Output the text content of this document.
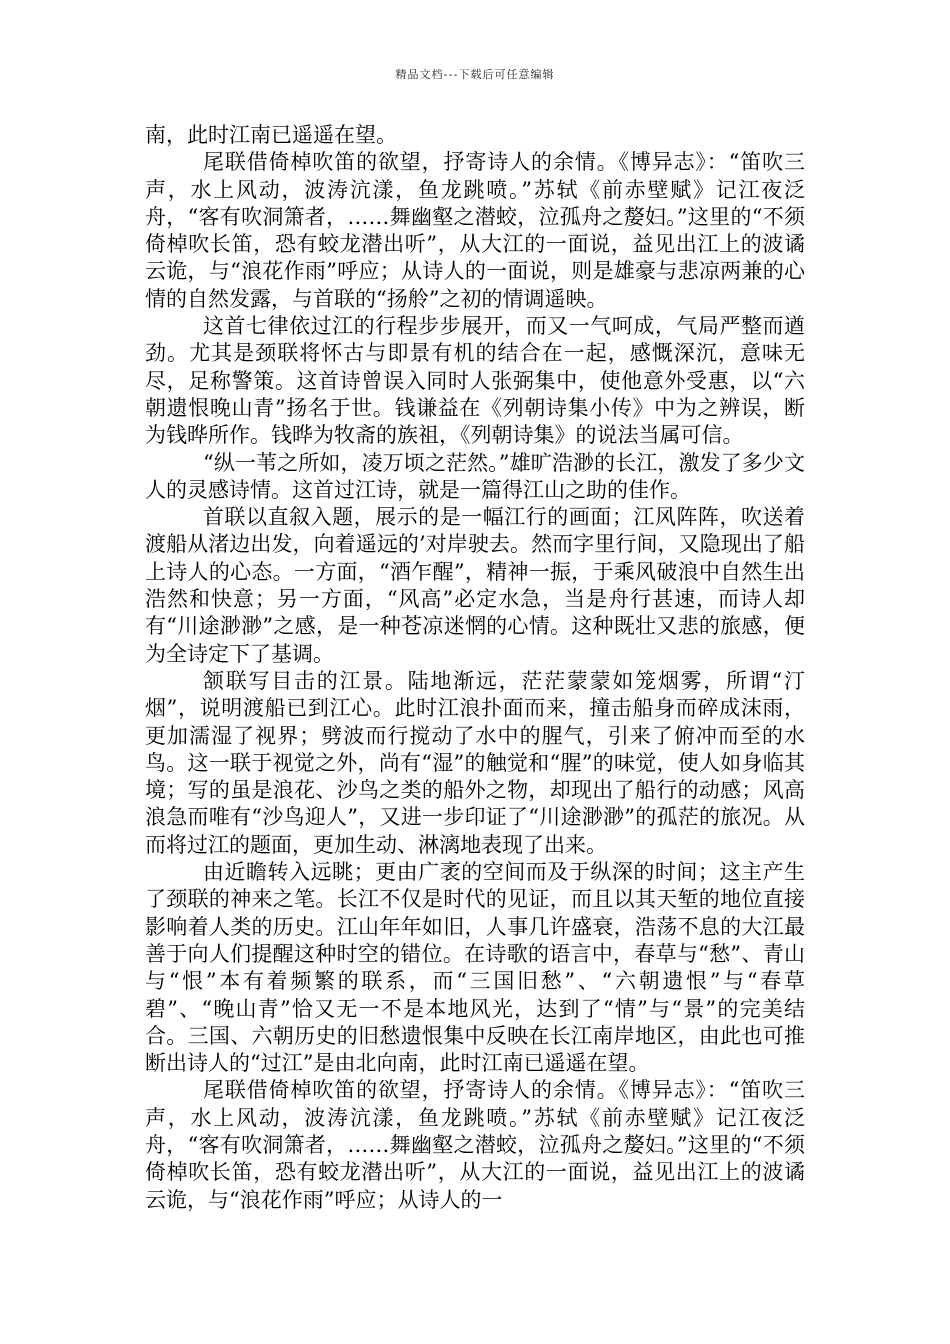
精品文档---下载后可任意编辑

南，此时江南已遥遥在望。

尾联借倚棹吹笛的欲望，抒寄诗人的余情。《博异志》：“笛吹三声，水上风动，波涛沆漾，鱼龙跳喷。”苏轼《前赤壁赋》记江夜泛舟，“客有吹洞箫者，……舞幽壑之潜蛟，泣孤舟之嫠妇。”这里的“不须倚棹吹长笛，恐有蛟龙潜出听”，从大江的一面说，益见出江上的波谲云诡，与“浪花作雨”呼应；从诗人的一面说，则是雄豪与悲凉两兼的心情的自然发露，与首联的“扬舲”之初的情调遥映。

这首七律依过江的行程步步展开，而又一气呵成，气局严整而遒劲。尤其是颈联将怀古与即景有机的结合在一起，感慨深沉，意味无尽，足称警策。这首诗曾误入同时人张弼集中，使他意外受惠，以“六朝遗恨晚山青”扬名于世。钱谦益在《列朝诗集小传》中为之辨误，断为钱晔所作。钱晔为牧斋的族祖，《列朝诗集》的说法当属可信。

“纵一苇之所如，凌万顷之茫然。”雄旷浩渺的长江，激发了多少文人的灵感诗情。这首过江诗，就是一篇得江山之助的佳作。

首联以直叙入题，展示的是一幅江行的画面；江风阵阵，吹送着渡船从渚边出发，向着遥远的’对岸驶去。然而字里行间，又隐现出了船上诗人的心态。一方面，“酒乍醒”，精神一振，于乘风破浪中自然生出浩然和快意；另一方面，“风高”必定水急，当是舟行甚速，而诗人却有“川途渺渺”之感，是一种苍凉迷惘的心情。这种既壮又悲的旅感，便为全诗定下了基调。

颔联写目击的江景。陆地渐远，茫茫蒙蒙如笼烟雾，所谓“汀烟”，说明渡船已到江心。此时江浪扑面而来，撞击船身而碎成沫雨，更加濡湿了视界；劈波而行搅动了水中的腥气，引来了俯冲而至的水鸟。这一联于视觉之外，尚有“湿”的触觉和“腥”的味觉，使人如身临其境；写的虽是浪花、沙鸟之类的船外之物，却现出了船行的动感；风高浪急而唯有“沙鸟迎人”，又进一步印证了“川途渺渺”的孤茫的旅况。从而将过江的题面，更加生动、淋漓地表现了出来。

由近瞻转入远眺；更由广袤的空间而及于纵深的时间；这主产生了颈联的神来之笔。长江不仅是时代的见证，而且以其天堑的地位直接影响着人类的历史。江山年年如旧，人事几许盛衰，浩荡不息的大江最善于向人们提醒这种时空的错位。在诗歌的语言中，春草与“愁”、青山与“恨”本有着频繁的联系，而“三国旧愁”、“六朝遗恨”与“春草碧”、“晚山青”恰又无一不是本地风光，达到了“情”与“景”的完美结合。三国、六朝历史的旧愁遗恨集中反映在长江南岸地区，由此也可推断出诗人的“过江”是由北向南，此时江南已遥遥在望。

尾联借倚棹吹笛的欲望，抒寄诗人的余情。《博异志》：“笛吹三声，水上风动，波涛沆漾，鱼龙跳喷。”苏轼《前赤壁赋》记江夜泛舟，“客有吹洞箫者，……舞幽壑之潜蛟，泣孤舟之嫠妇。”这里的“不须倚棹吹长笛，恐有蛟龙潜出听”，从大江的一面说，益见出江上的波谲云诡，与“浪花作雨”呼应；从诗人的一
